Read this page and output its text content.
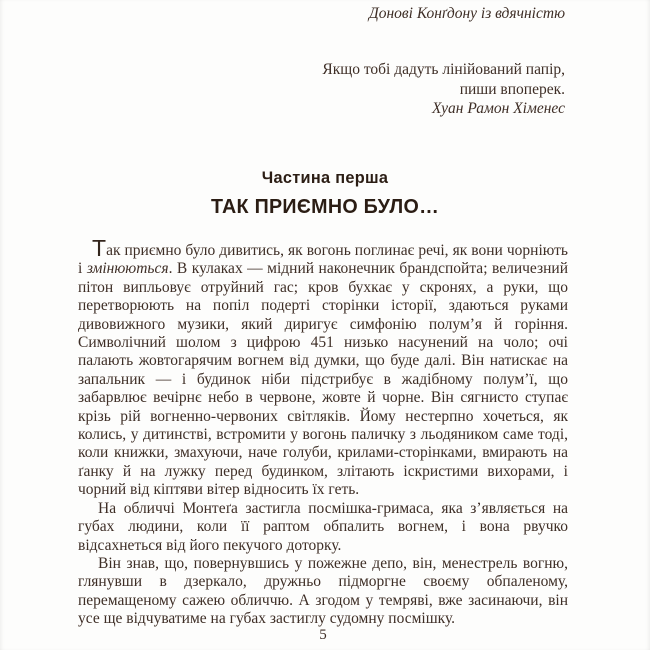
Донові Конґдону із вдячністю
Якщо тобі дадуть лінійований папір,
пиши впоперек.
Хуан Рамон Хіменес
Частина перша
ТАК ПРИЄМНО БУЛО…

Так приємно було дивитись, як вогонь поглинає речі, як вони чорніють і змінюються. В кулаках — мідний наконечник брандспойта; величезний пітон випльовує отруйний гас; кров бухкає у скронях, а руки, що перетворюють на попіл подерті сторінки історії, здаються руками дивовижного музики, який диригує симфонію полум’я й горіння. Символічний шолом з цифрою 451 низько насунений на чоло; очі палають жовтогарячим вогнем від думки, що буде далі. Він натискає на запальник — і будинок ніби підстрибує в жадібному полум’ї, що забарвлює вечірнє небо в червоне, жовте й чорне. Він сягнисто ступає крізь рій вогненно-червоних світляків. Йому нестерпно хочеться, як колись, у дитинстві, встромити у вогонь паличку з льодяником саме тоді, коли книжки, змахуючи, наче голуби, крилами-сторінками, вмирають на ґанку й на лужку перед будинком, злітають іскристими вихорами, і чорний від кіптяви вітер відносить їх геть.

На обличчі Монтеґа застигла посмішка-гримаса, яка з’являється на губах людини, коли її раптом обпалить вогнем, і вона рвучко відсахнеться від його пекучого доторку.

Він знав, що, повернувшись у пожежне депо, він, менестрель вогню, глянувши в дзеркало, дружньо підморгне своєму обпаленому, перемащеному сажею обличчю. А згодом у темряві, вже засинаючи, він усе ще відчуватиме на губах застиглу судомну посмішку.

5
